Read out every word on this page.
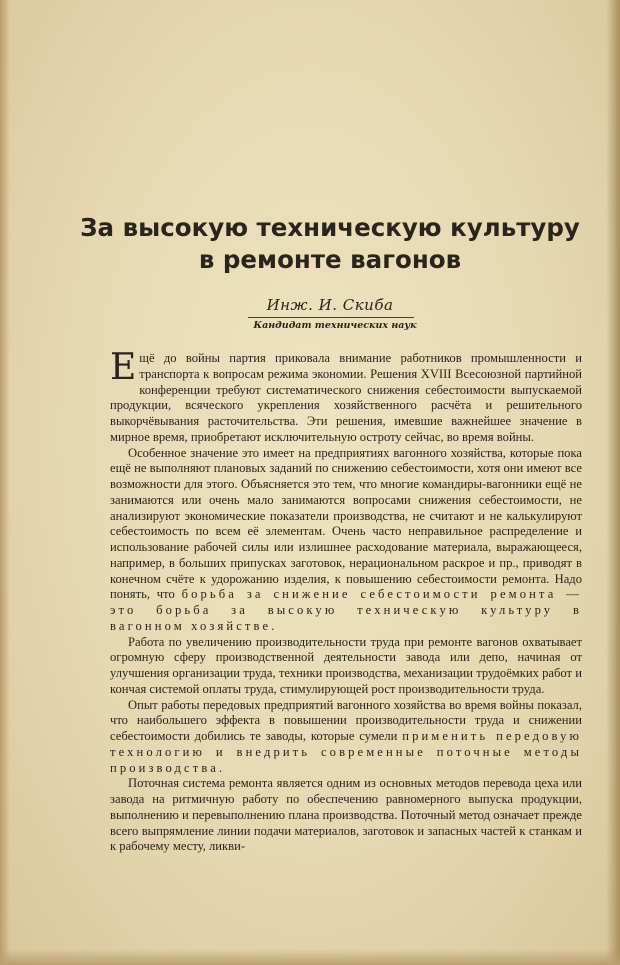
За высокую техническую культуру
в ремонте вагонов
Инж. И. Скиба
Кандидат технических наук

Ещё до войны партия приковала внимание работников промышленности и транспорта к вопросам режима экономии. Решения XVIII Всесоюзной партийной конференции требуют систематического снижения себестоимости выпускаемой продукции, всяческого укрепления хозяйственного расчёта и решительного выкорчёвывания расточительства. Эти решения, имевшие важнейшее значение в мирное время, приобретают исключительную остроту сейчас, во время войны.

Особенное значение это имеет на предприятиях вагонного хозяйства, которые пока ещё не выполняют плановых заданий по снижению себестоимости, хотя они имеют все возможности для этого. Объясняется это тем, что многие командиры-вагонники ещё не занимаются или очень мало занимаются вопросами снижения себестоимости, не анализируют экономические показатели производства, не считают и не калькулируют себестоимость по всем её элементам. Очень часто неправильное распределение и использование рабочей силы или излишнее расходование материала, выражающееся, например, в больших припусках заготовок, нерациональном раскрое и пр., приводят в конечном счёте к удорожанию изделия, к повышению себестоимости ремонта. Надо понять, что борьба за снижение себестоимости ремонта — это борьба за высокую техническую культуру в вагонном хозяйстве.

Работа по увеличению производительности труда при ремонте вагонов охватывает огромную сферу производственной деятельности завода или депо, начиная от улучшения организации труда, техники производства, механизации трудоёмких работ и кончая системой оплаты труда, стимулирующей рост производительности труда.

Опыт работы передовых предприятий вагонного хозяйства во время войны показал, что наибольшего эффекта в повышении производительности труда и снижении себестоимости добились те заводы, которые сумели применить передовую технологию и внедрить современные поточные методы производства.

Поточная система ремонта является одним из основных методов перевода цеха или завода на ритмичную работу по обеспечению равномерного выпуска продукции, выполнению и перевыполнению плана производства. Поточный метод означает прежде всего выпрямление линии подачи материалов, заготовок и запасных частей к станкам и к рабочему месту, ликви-
